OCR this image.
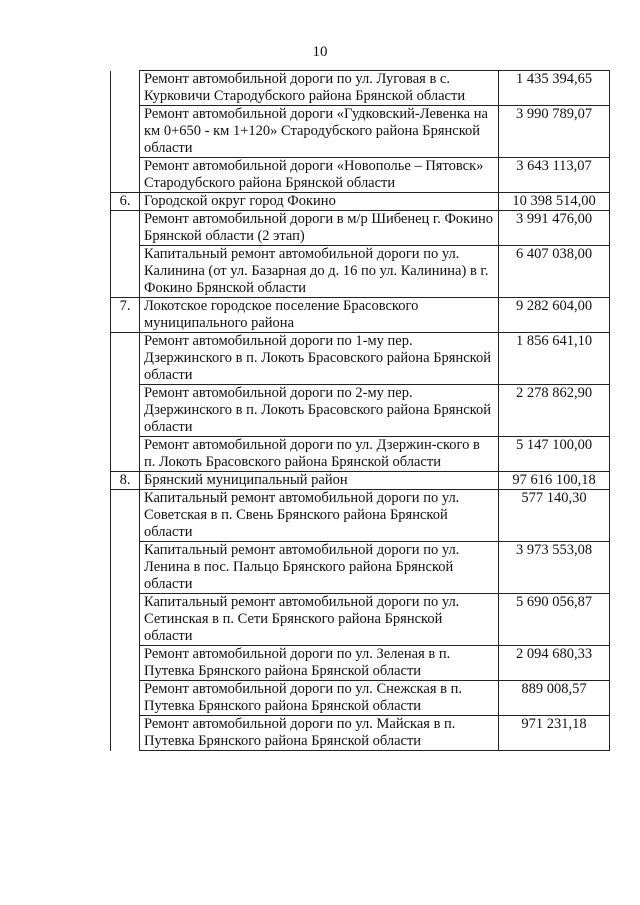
10
	Ремонт автомобильной дороги по ул. Луговая в с. Курковичи Стародубского района Брянской области	1 435 394,65
	Ремонт автомобильной дороги «Гудковский-Левенка на км 0+650 - км 1+120» Стародубского района Брянской области	3 990 789,07
	Ремонт автомобильной дороги «Новополье – Пятовск» Стародубского района Брянской области	3 643 113,07
6.	Городской округ город Фокино	10 398 514,00
	Ремонт автомобильной дороги в м/р Шибенец г. Фокино Брянской области (2 этап)	3 991 476,00
	Капитальный ремонт автомобильной дороги по ул. Калинина (от ул. Базарная до д. 16 по ул. Калинина) в г. Фокино Брянской области	6 407 038,00
7.	Локотское городское поселение Брасовского муниципального района	9 282 604,00
	Ремонт автомобильной дороги по 1-му пер. Дзержинского в п. Локоть Брасовского района Брянской области	1 856 641,10
	Ремонт автомобильной дороги по 2-му пер. Дзержинского в п. Локоть Брасовского района Брянской области	2 278 862,90
	Ремонт автомобильной дороги по ул. Дзержин-ского в п. Локоть Брасовского района Брянской области	5 147 100,00
8.	Брянский муниципальный район	97 616 100,18
	Капитальный ремонт автомобильной дороги по ул. Советская в п. Свень Брянского района Брянской области	577 140,30
	Капитальный ремонт автомобильной дороги по ул. Ленина в пос. Пальцо Брянского района Брянской области	3 973 553,08
	Капитальный ремонт автомобильной дороги по ул. Сетинская в п. Сети Брянского района Брянской области	5 690 056,87
	Ремонт автомобильной дороги по ул. Зеленая в п. Путевка Брянского района Брянской области	2 094 680,33
	Ремонт автомобильной дороги по ул. Снежская в п. Путевка Брянского района Брянской области	889 008,57
	Ремонт автомобильной дороги по ул. Майская в п. Путевка Брянского района Брянской области	971 231,18
